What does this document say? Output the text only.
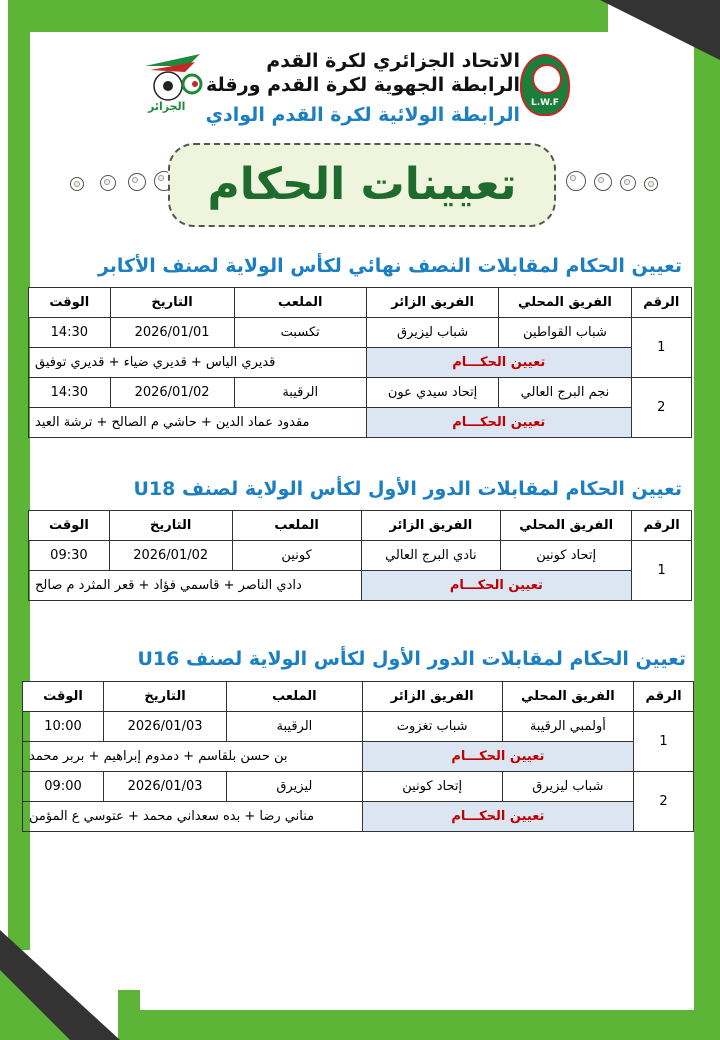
الجزائر
الاتحاد الجزائري لكرة القدم
الرابطة الجهوية لكرة القدم ورقلة
الرابطة الولائية لكرة القدم الوادي
L.W.F
تعيينات الحكام
تعيين الحكام لمقابلات النصف نهائي لكأس الولاية لصنف الأكابر
الرقم	الفريق المحلي	الفريق الزائر	الملعب	التاريخ	الوقت
1	شباب القواطين	شباب ليزيرق	تكسبت	2026/01/01	14:30
	تعيين الحكـــام		قديري الياس + قديري ضياء + قديري توفيق		
2	نجم البرج العالي	إتحاد سيدي عون	الرقيبة	2026/01/02	14:30
	تعيين الحكـــام		مقدود عماد الدين + حاشي م الصالح + ترشة العيد		
تعيين الحكام لمقابلات الدور الأول لكأس الولاية لصنف U18
الرقم	الفريق المحلي	الفريق الزائر	الملعب	التاريخ	الوقت
1	إتحاد كونين	نادي البرج العالي	كونين	2026/01/02	09:30
	تعيين الحكـــام		دادي الناصر + قاسمي فؤاد + قعر المثرد م صالح		
تعيين الحكام لمقابلات الدور الأول لكأس الولاية لصنف U16
الرقم	الفريق المحلي	الفريق الزائر	الملعب	التاريخ	الوقت
1	أولمبي الرقيبة	شباب تغزوت	الرقيبة	2026/01/03	10:00
	تعيين الحكـــام		بن حسن بلقاسم + دمدوم إبراهيم + بربر محمد		
2	شباب ليزيرق	إتحاد كونين	ليزيرق	2026/01/03	09:00
	تعيين الحكـــام		مناني رضا + بده سعداني محمد + عتوسي ع المؤمن		
